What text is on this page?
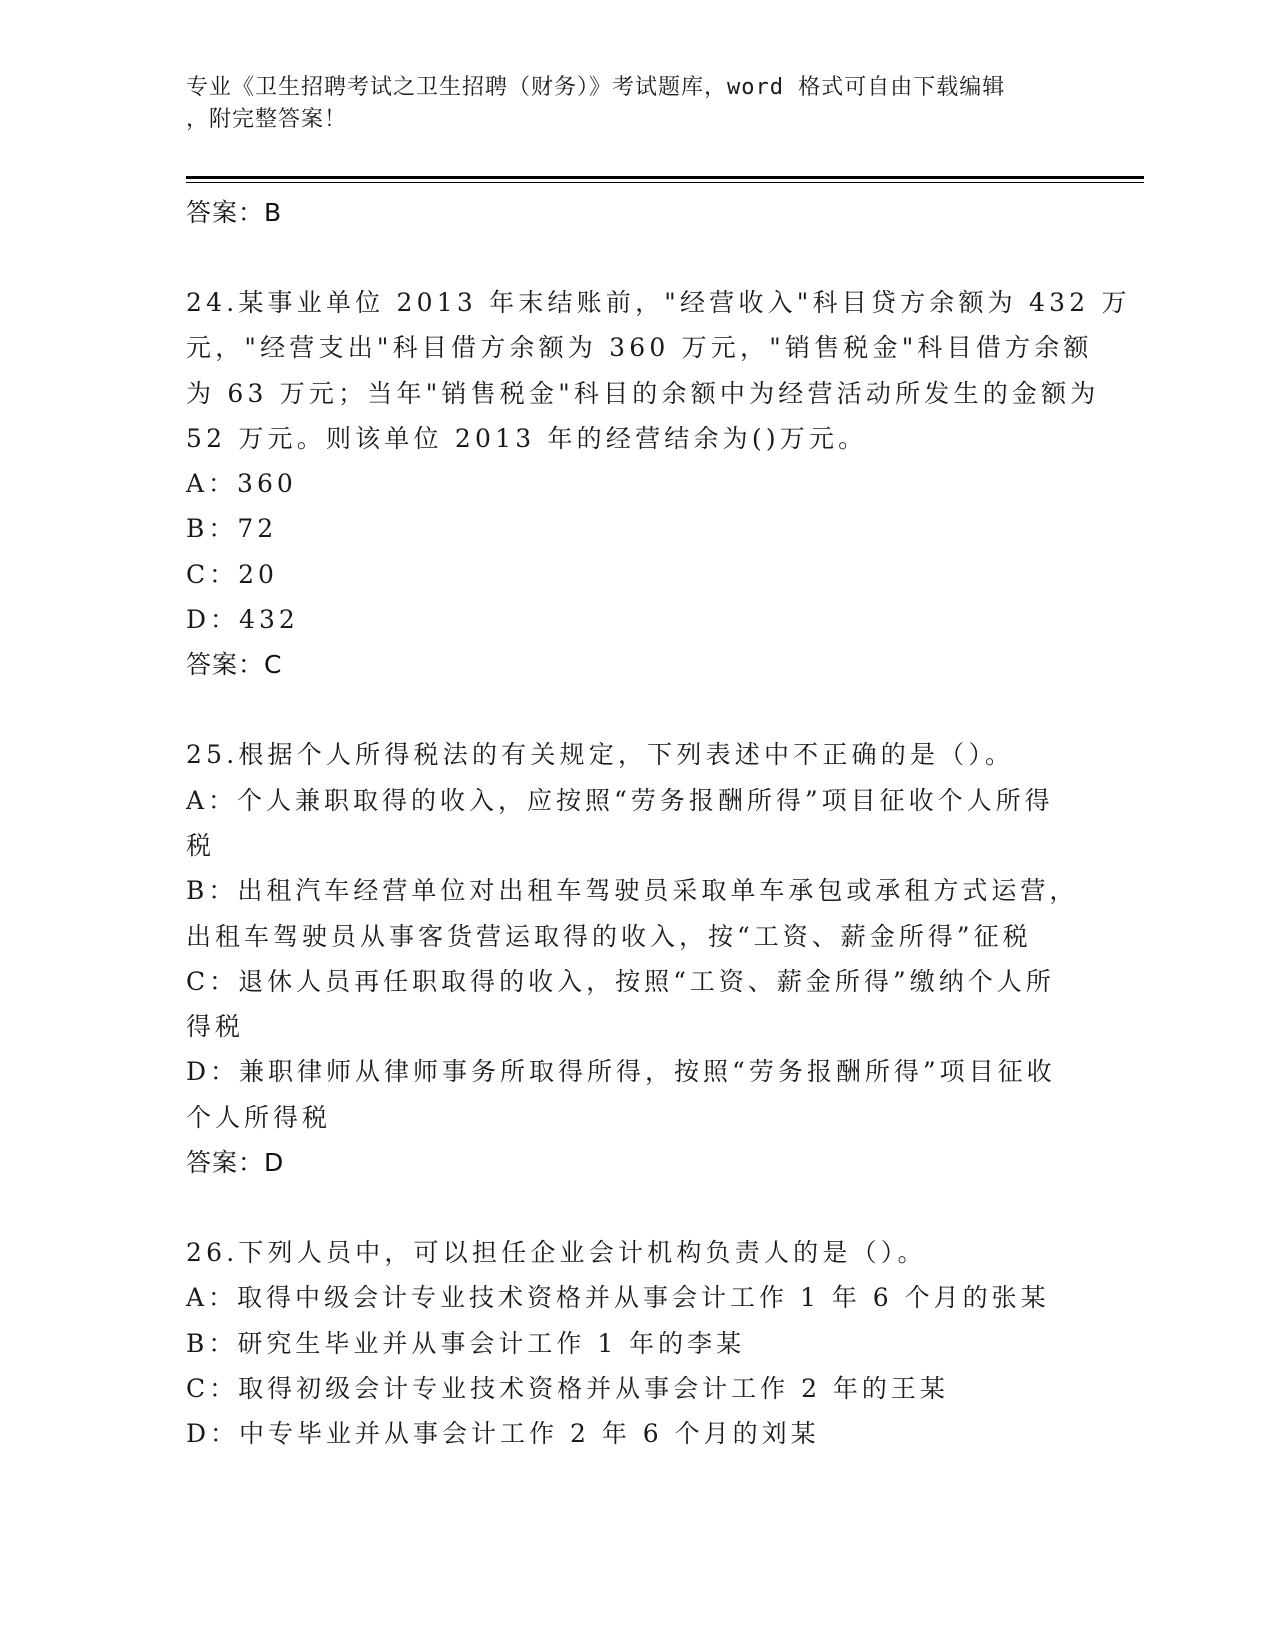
专业《卫生招聘考试之卫生招聘（财务）》考试题库，word 格式可自由下载编辑
，附完整答案！
答案：B
24.某事业单位 2013 年末结账前，"经营收入"科目贷方余额为 432 万
元，"经营支出"科目借方余额为 360 万元，"销售税金"科目借方余额
为 63 万元；当年"销售税金"科目的余额中为经营活动所发生的金额为
52 万元。则该单位 2013 年的经营结余为()万元。
A：360
B：72
C：20
D：432
答案：C
25.根据个人所得税法的有关规定，下列表述中不正确的是（）。
A：个人兼职取得的收入，应按照“劳务报酬所得”项目征收个人所得
税
B：出租汽车经营单位对出租车驾驶员采取单车承包或承租方式运营，
出租车驾驶员从事客货营运取得的收入，按“工资、薪金所得”征税
C：退休人员再任职取得的收入，按照“工资、薪金所得”缴纳个人所
得税
D：兼职律师从律师事务所取得所得，按照“劳务报酬所得”项目征收
个人所得税
答案：D
26.下列人员中，可以担任企业会计机构负责人的是（）。
A：取得中级会计专业技术资格并从事会计工作 1 年 6 个月的张某
B：研究生毕业并从事会计工作 1 年的李某
C：取得初级会计专业技术资格并从事会计工作 2 年的王某
D：中专毕业并从事会计工作 2 年 6 个月的刘某
